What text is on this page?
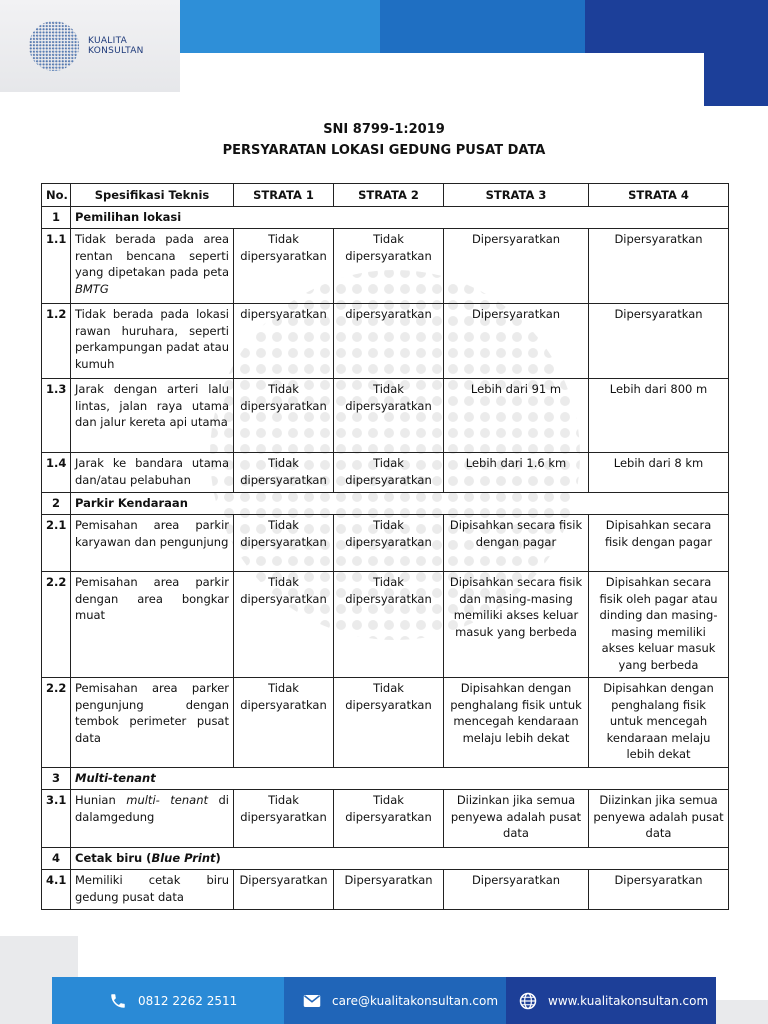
KUALITA
KONSULTAN
SNI 8799-1:2019
PERSYARATAN LOKASI GEDUNG PUSAT DATA
No.	Spesifikasi Teknis	STRATA 1	STRATA 2	STRATA 3	STRATA 4
1	Pemilihan lokasi				
1.1	Tidak berada pada area rentan bencana seperti yang dipetakan pada peta BMTG	Tidak dipersyaratkan	Tidak dipersyaratkan	Dipersyaratkan	Dipersyaratkan
1.2	Tidak berada pada lokasi rawan huruhara, seperti perkampungan padat atau kumuh	dipersyaratkan	dipersyaratkan	Dipersyaratkan	Dipersyaratkan
1.3	Jarak dengan arteri lalu lintas, jalan raya utama dan jalur kereta api utama	Tidak dipersyaratkan	Tidak dipersyaratkan	Lebih dari 91 m	Lebih dari 800 m
1.4	Jarak ke bandara utama dan/atau pelabuhan	Tidak dipersyaratkan	Tidak dipersyaratkan	Lebih dari 1.6 km	Lebih dari 8 km
2	Parkir Kendaraan				
2.1	Pemisahan area parkir karyawan dan pengunjung	Tidak dipersyaratkan	Tidak dipersyaratkan	Dipisahkan secara fisik dengan pagar	Dipisahkan secara fisik dengan pagar
2.2	Pemisahan area parkir dengan area bongkar muat	Tidak dipersyaratkan	Tidak dipersyaratkan	Dipisahkan secara fisik dan masing-masing memiliki akses keluar masuk yang berbeda	Dipisahkan secara fisik oleh pagar atau dinding dan masing-masing memiliki akses keluar masuk yang berbeda
2.2	Pemisahan area parker pengunjung dengan tembok perimeter pusat data	Tidak dipersyaratkan	Tidak dipersyaratkan	Dipisahkan dengan penghalang fisik untuk mencegah kendaraan melaju lebih dekat	Dipisahkan dengan penghalang fisik untuk mencegah kendaraan melaju lebih dekat
3	Multi-tenant				
3.1	Hunian multi- tenant di dalamgedung	Tidak dipersyaratkan	Tidak dipersyaratkan	Diizinkan jika semua penyewa adalah pusat data	Diizinkan jika semua penyewa adalah pusat data
4	Cetak biru (Blue Print)				
4.1	Memiliki cetak biru gedung pusat data	Dipersyaratkan	Dipersyaratkan	Dipersyaratkan	Dipersyaratkan
0812 2262 2511	care@kualitakonsultan.com	www.kualitakonsultan.com
